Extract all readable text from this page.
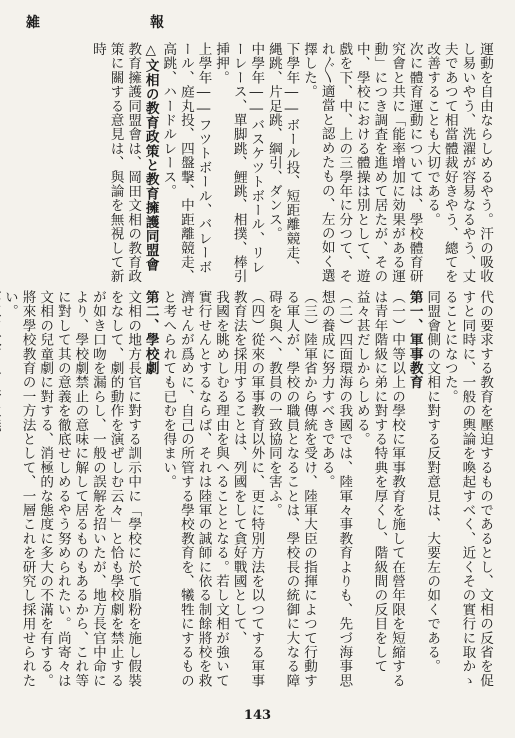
雑	報

運動を自由ならしめるやう。汗の吸收し易いやう、洗濯が容易なるやう、丈夫であつて相當體裁好きやう、總てを改善することも大切である。

次に體育運動については、學校體育研究會と共に「能率增加に効果がある運動」につき調査を進めて居たが、その中、學校における體操は別として、遊戲を下、中、上の三學年に分つて、それ〲適當と認めたもの、左の如く選擇した。

下學年――ボール投、短距離競走、縄跳、片足跳、綱引、ダンス。

中學年――バスケツトボール、リレーレース、單脚跳、鯉跳、相撲、棒引挿押。

上學年――フツトボール、バレーボール、庭丸投、四盤撃、中距離競走、高跳、ハードルレース。

△文相の教育政策と教育擁護同盟會

教育擁護同盟會は、岡田文相の教育政策に關する意見は、與論を無視して新時

代の要求する教育を壓迫するものであるとし、文相の反省を促すと同時に、一般の輿論を喚起すべく、近くその實行に取かゝることになつた。

同盟會側の文相に對する反對意見は、大要左の如くである。

第一、軍事教育

（一）中等以上の學校に軍事教育を施して在營年限を短縮するは青年階級に弟に對する特典を厚くし、階級間の反目をして益々甚だしからしめる。

（二）四面環海の我國では、陸軍々事教育よりも、先づ海事思想の養成に努力すべきである。

（三）陸軍省から傳統を受け、陸軍大臣の指揮によつて行動する軍人が、學校の職員となることは、學校長の統御に大なる障碍を與へ、教員の一致協同を害ふ。

（四）從來の軍事教育以外に、更に特別方法を以つてする軍事教育法を採用することは、列國をして貪好戰國として、

我國を眺めしむる理由を與へることとなる。若し文相が強いて實行せんとするならば、それは陸軍の誠師に依る制餘將校を救濟せんが爲めに、自己の所管する學校教育を、犧牲にするものと考へられても已むを得まい。

第二、學校劇

文相の地方長官に對する訓示中に「學校に於て脂粉を施し假裝をなして、劇的動作を演ぜしむ云々」と恰も學校劇を禁止するが如き口吻を漏らし、一般の誤解を招いたが、地方長官中命により、學校劇禁止の意味に解して居るものもあるから、これ等に對して其の意義を徹底せしめるやう努められたい。尚寄々は文相の兒童劇に對する、消極的な態度に多大の不滿を有する。將來學校教育の一方法として、一層これを研究し採用せられたい。

143
